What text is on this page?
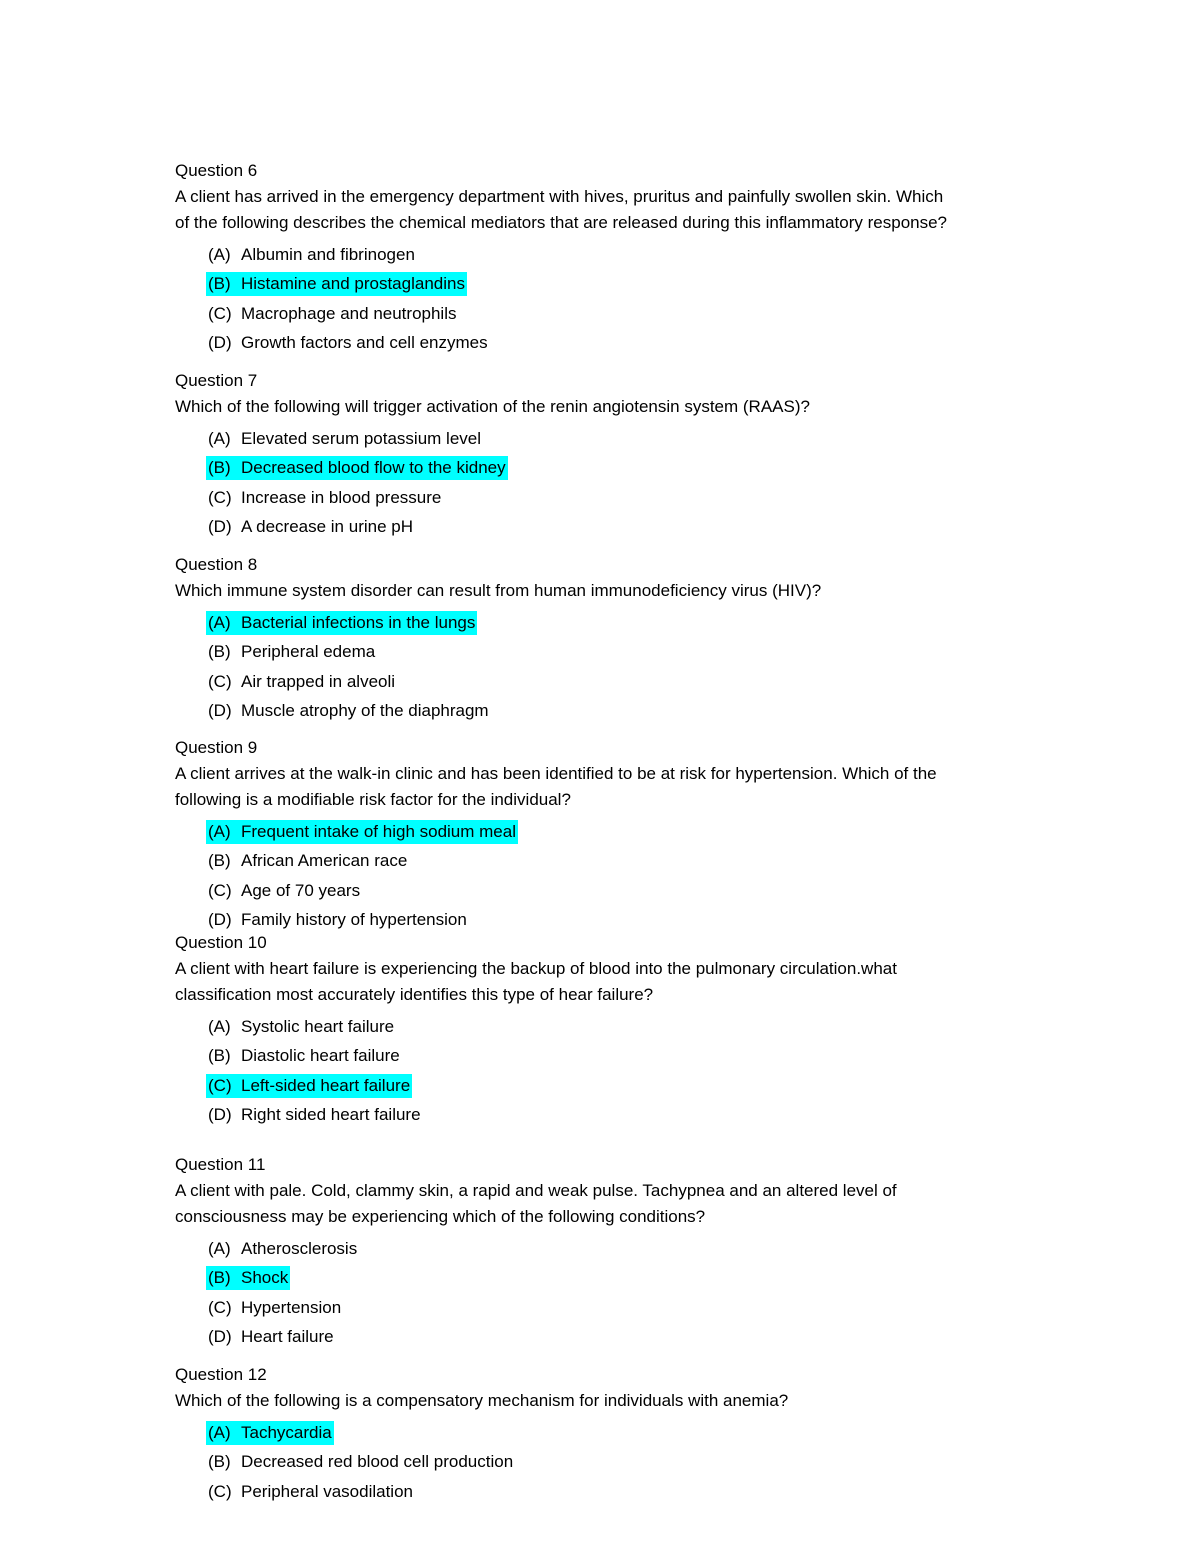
Question 6
A client has arrived in the emergency department with hives, pruritus and painfully swollen skin. Which
of the following describes the chemical mediators that are released during this inflammatory response?
(A) Albumin and fibrinogen
(B) Histamine and prostaglandins
(C) Macrophage and neutrophils
(D) Growth factors and cell enzymes
Question 7
Which of the following will trigger activation of the renin angiotensin system (RAAS)?
(A) Elevated serum potassium level
(B) Decreased blood flow to the kidney
(C) Increase in blood pressure
(D) A decrease in urine pH
Question 8
Which immune system disorder can result from human immunodeficiency virus (HIV)?
(A) Bacterial infections in the lungs
(B) Peripheral edema
(C) Air trapped in alveoli
(D) Muscle atrophy of the diaphragm
Question 9
A client arrives at the walk-in clinic and has been identified to be at risk for hypertension. Which of the
following is a modifiable risk factor for the individual?
(A) Frequent intake of high sodium meal
(B) African American race
(C) Age of 70 years
(D) Family history of hypertension
Question 10
A client with heart failure is experiencing the backup of blood into the pulmonary circulation.what
classification most accurately identifies this type of hear failure?
(A) Systolic heart failure
(B) Diastolic heart failure
(C) Left-sided heart failure
(D) Right sided heart failure
Question 11
A client with pale. Cold, clammy skin, a rapid and weak pulse. Tachypnea and an altered level of
consciousness may be experiencing which of the following conditions?
(A) Atherosclerosis
(B) Shock
(C) Hypertension
(D) Heart failure
Question 12
Which of the following is a compensatory mechanism for individuals with anemia?
(A) Tachycardia
(B) Decreased red blood cell production
(C) Peripheral vasodilation
